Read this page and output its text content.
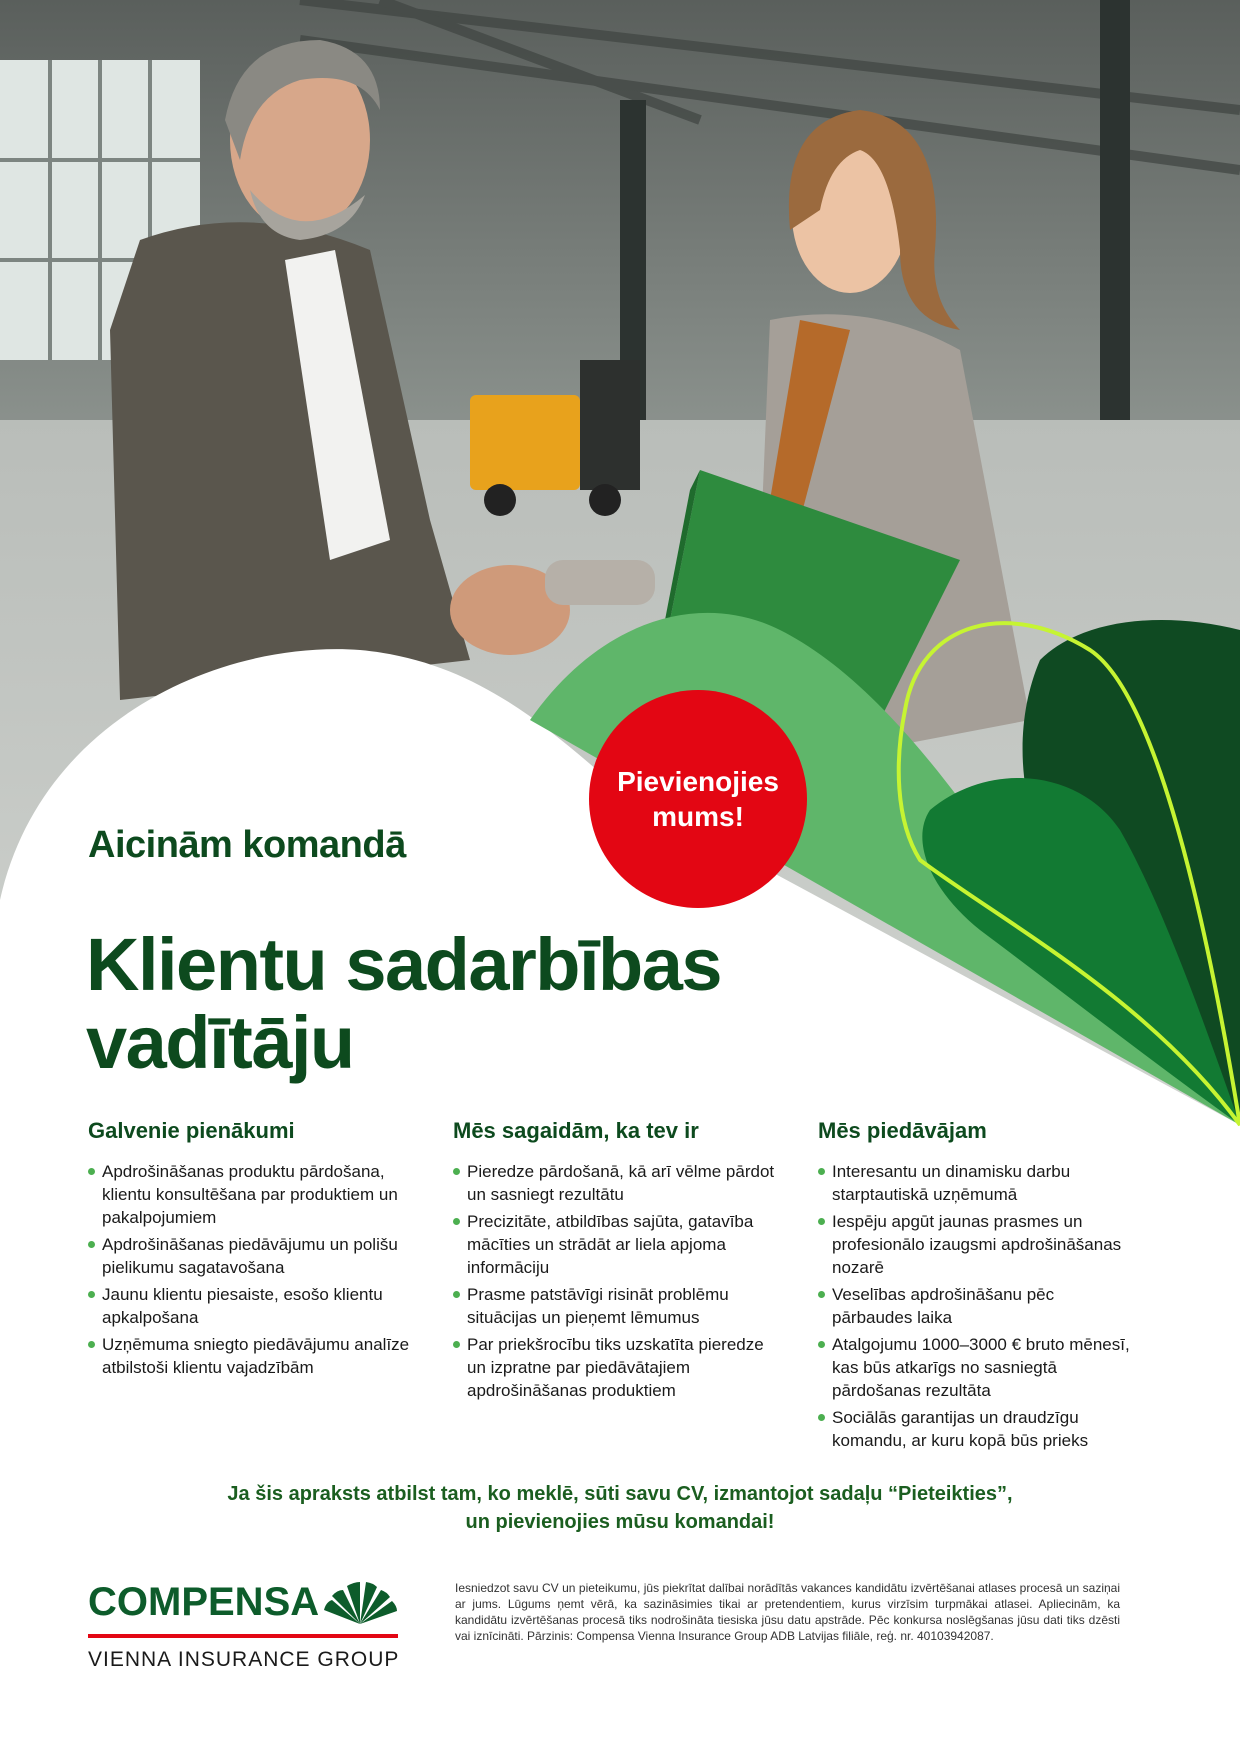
Pievienojies mums!
Aicinām komandā
Klientu sadarbības vadītāju
Galvenie pienākumi
Apdrošināšanas produktu pārdošana, klientu konsultēšana par produktiem un pakalpojumiem
Apdrošināšanas piedāvājumu un polišu pielikumu sagatavošana
Jaunu klientu piesaiste, esošo klientu apkalpošana
Uzņēmuma sniegto piedāvājumu analīze atbilstoši klientu vajadzībām
Mēs sagaidām, ka tev ir
Pieredze pārdošanā, kā arī vēlme pārdot un sasniegt rezultātu
Precizitāte, atbildības sajūta, gatavība mācīties un strādāt ar liela apjoma informāciju
Prasme patstāvīgi risināt problēmu situācijas un pieņemt lēmumus
Par priekšrocību tiks uzskatīta pieredze un izpratne par piedāvātajiem apdrošināšanas produktiem
Mēs piedāvājam
Interesantu un dinamisku darbu starptautiskā uzņēmumā
Iespēju apgūt jaunas prasmes un profesionālo izaugsmi apdrošināšanas nozarē
Veselības apdrošināšanu pēc pārbaudes laika
Atalgojumu 1000–3000 € bruto mēnesī, kas būs atkarīgs no sasniegtā pārdošanas rezultāta
Sociālās garantijas un draudzīgu komandu, ar kuru kopā būs prieks
Ja šis apraksts atbilst tam, ko meklē, sūti savu CV, izmantojot sadaļu “Pieteikties”,
un pievienojies mūsu komandai!
COMPENSA
VIENNA INSURANCE GROUP
Iesniedzot savu CV un pieteikumu, jūs piekrītat dalībai norādītās vakances kandidātu izvērtēšanai atlases procesā un saziņai ar jums. Lūgums ņemt vērā, ka sazināsimies tikai ar pretendentiem, kurus virzīsim turpmākai atlasei. Apliecinām, ka kandidātu izvērtēšanas procesā tiks nodrošināta tiesiska jūsu datu apstrāde. Pēc konkursa noslēgšanas jūsu dati tiks dzēsti vai iznīcināti. Pārzinis: Compensa Vienna Insurance Group ADB Latvijas filiāle, reģ. nr. 40103942087.
